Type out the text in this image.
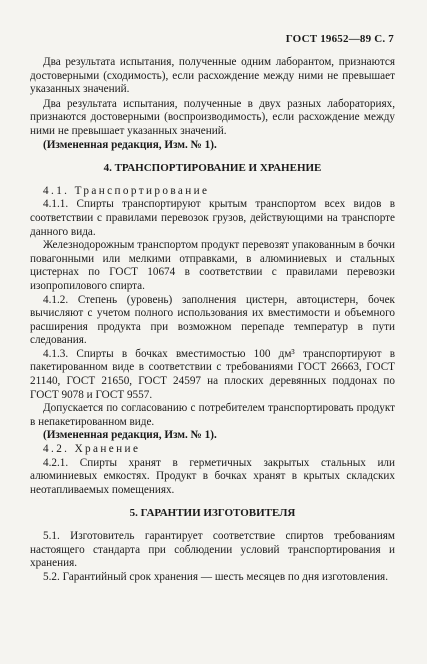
ГОСТ 19652—89 С. 7

Два результата испытания, полученные одним лаборантом, признаются достоверными (сходимость), если расхождение между ними не превышает указанных значений.

Два результата испытания, полученные в двух разных лабораториях, признаются достоверными (воспроизводимость), если расхождение между ними не превышает указанных значений.

(Измененная редакция, Изм. № 1).

4. ТРАНСПОРТИРОВАНИЕ И ХРАНЕНИЕ

4.1. Транспортирование

4.1.1. Спирты транспортируют крытым транспортом всех видов в соответствии с правилами перевозок грузов, действующими на транспорте данного вида.

Железнодорожным транспортом продукт перевозят упакованным в бочки повагонными или мелкими отправками, в алюминиевых и стальных цистернах по ГОСТ 10674 в соответствии с правилами перевозки изопропилового спирта.

4.1.2. Степень (уровень) заполнения цистерн, автоцистерн, бочек вычисляют с учетом полного использования их вместимости и объемного расширения продукта при возможном перепаде температур в пути следования.

4.1.3. Спирты в бочках вместимостью 100 дм³ транспортируют в пакетированном виде в соответствии с требованиями ГОСТ 26663, ГОСТ 21140, ГОСТ 21650, ГОСТ 24597 на плоских деревянных поддонах по ГОСТ 9078 и ГОСТ 9557.

Допускается по согласованию с потребителем транспортировать продукт в непакетированном виде.

(Измененная редакция, Изм. № 1).

4.2. Хранение

4.2.1. Спирты хранят в герметичных закрытых стальных или алюминиевых емкостях. Продукт в бочках хранят в крытых складских неотапливаемых помещениях.

5. ГАРАНТИИ ИЗГОТОВИТЕЛЯ

5.1. Изготовитель гарантирует соответствие спиртов требованиям настоящего стандарта при соблюдении условий транспортирования и хранения.

5.2. Гарантийный срок хранения — шесть месяцев по дня изготовления.
